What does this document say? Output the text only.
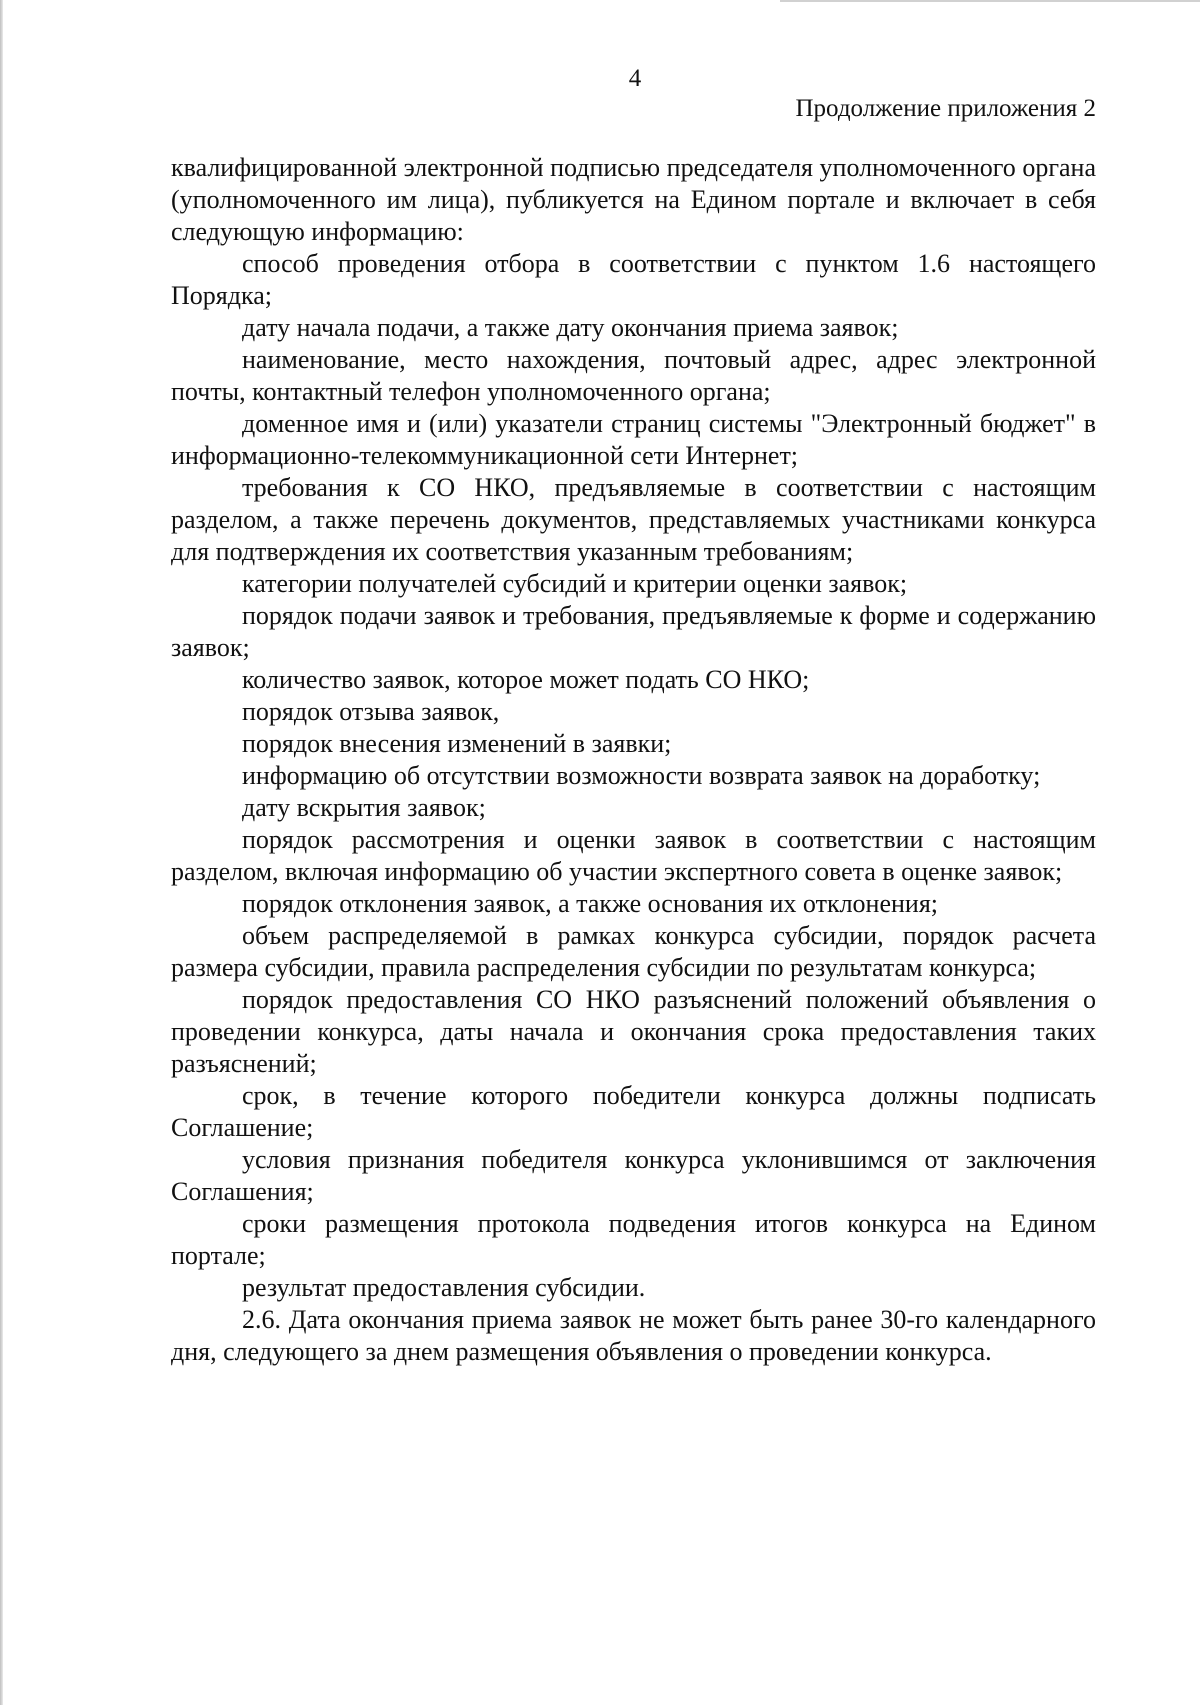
4
Продолжение приложения 2

квалифицированной электронной подписью председателя уполномоченного органа (уполномоченного им лица), публикуется на Едином портале и включает в себя следующую информацию:

способ проведения отбора в соответствии с пунктом 1.6 настоящего Порядка;

дату начала подачи, а также дату окончания приема заявок;

наименование, место нахождения, почтовый адрес, адрес электронной почты, контактный телефон уполномоченного органа;

доменное имя и (или) указатели страниц системы "Электронный бюджет" в информационно-телекоммуникационной сети Интернет;

требования к СО НКО, предъявляемые в соответствии с настоящим разделом, а также перечень документов, представляемых участниками конкурса для подтверждения их соответствия указанным требованиям;

категории получателей субсидий и критерии оценки заявок;

порядок подачи заявок и требования, предъявляемые к форме и содержанию заявок;

количество заявок, которое может подать СО НКО;

порядок отзыва заявок,

порядок внесения изменений в заявки;

информацию об отсутствии возможности возврата заявок на доработку;

дату вскрытия заявок;

порядок рассмотрения и оценки заявок в соответствии с настоящим разделом, включая информацию об участии экспертного совета в оценке заявок;

порядок отклонения заявок, а также основания их отклонения;

объем распределяемой в рамках конкурса субсидии, порядок расчета размера субсидии, правила распределения субсидии по результатам конкурса;

порядок предоставления СО НКО разъяснений положений объявления о проведении конкурса, даты начала и окончания срока предоставления таких разъяснений;

срок, в течение которого победители конкурса должны подписать Соглашение;

условия признания победителя конкурса уклонившимся от заключения Соглашения;

сроки размещения протокола подведения итогов конкурса на Едином портале;

результат предоставления субсидии.

2.6. Дата окончания приема заявок не может быть ранее 30-го календарного дня, следующего за днем размещения объявления о проведении конкурса.
